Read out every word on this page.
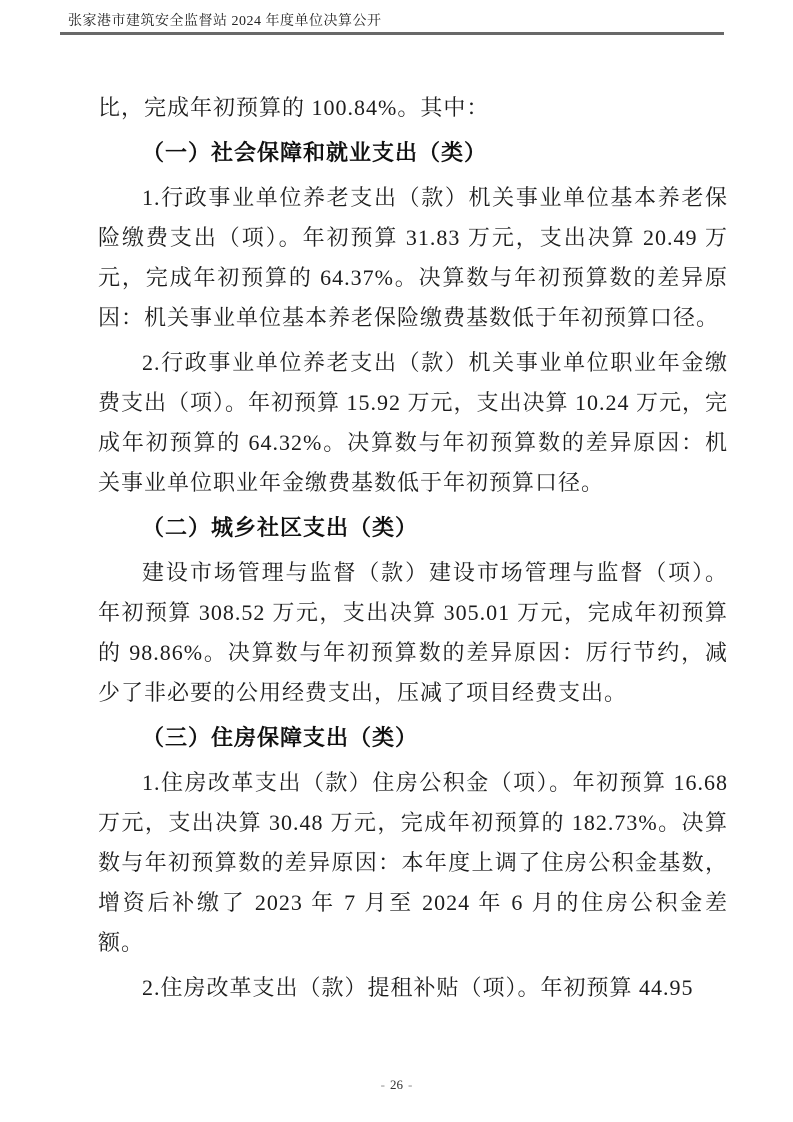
张家港市建筑安全监督站 2024 年度单位决算公开

比，完成年初预算的 100.84%。其中：

（一）社会保障和就业支出（类）

1.行政事业单位养老支出（款）机关事业单位基本养老保险缴费支出（项）。年初预算 31.83 万元，支出决算 20.49 万元，完成年初预算的 64.37%。决算数与年初预算数的差异原因：机关事业单位基本养老保险缴费基数低于年初预算口径。

2.行政事业单位养老支出（款）机关事业单位职业年金缴费支出（项）。年初预算 15.92 万元，支出决算 10.24 万元，完成年初预算的 64.32%。决算数与年初预算数的差异原因：机关事业单位职业年金缴费基数低于年初预算口径。

（二）城乡社区支出（类）

建设市场管理与监督（款）建设市场管理与监督（项）。年初预算 308.52 万元，支出决算 305.01 万元，完成年初预算的 98.86%。决算数与年初预算数的差异原因：厉行节约，减少了非必要的公用经费支出，压减了项目经费支出。

（三）住房保障支出（类）

1.住房改革支出（款）住房公积金（项）。年初预算 16.68 万元，支出决算 30.48 万元，完成年初预算的 182.73%。决算数与年初预算数的差异原因：本年度上调了住房公积金基数，增资后补缴了 2023 年 7 月至 2024 年 6 月的住房公积金差额。

2.住房改革支出（款）提租补贴（项）。年初预算 44.95

- 26 -
